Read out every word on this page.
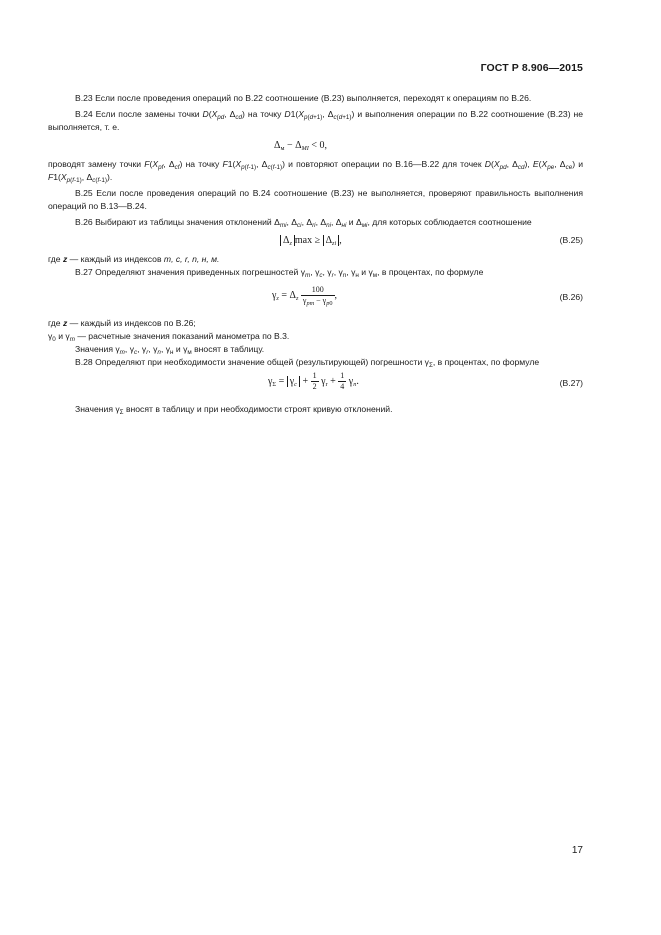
ГОСТ Р 8.906—2015

В.23 Если после проведения операций по В.22 соотношение (В.23) выполняется, переходят к операциям по В.26.

В.24 Если после замены точки $D(X_{pd}$, $\Delta_{cd}$) на точку $D1(X_{p(d+1)}$, $\Delta_{c(d+1)}$) и выполнения операции по В.22 соотношение (В.23) не выполняется, т. е.

$\Delta_м - \Delta_{MI} < 0$,

проводят замену точки $F(X_{pf}$, $\Delta_{cf}$) на точку $F1(X_{p(f-1)}$, $\Delta_{c(f-1)}$) и повторяют операции по В.16—В.22 для точек $D(X_{pd}$, $\Delta_{cd}$), $E(X_{pe}$, $\Delta_{ce}$) и $F1(X_{p(f-1)}$, $\Delta_{c(f-1)}$).

В.25 Если после проведения операций по В.24 соотношение (В.23) не выполняется, проверяют правильность выполнения операций по В.13—В.24.

В.26 Выбирают из таблицы значения отклонений $\Delta_{mi}$, $\Delta_{ci}$, $\Delta_{ri}$, $\Delta_{ni}$, $\Delta_{нi}$ и $\Delta_{мi}$, для которых соблюдается соотношение

$\Delta_z$ $\max \ge \Delta_{zi}$ ,	(В.25)

где z — каждый из индексов m, c, r, n, н, м.

В.27 Определяют значения приведенных погрешностей $\gamma_m$, $\gamma_c$, $\gamma_r$, $\gamma_n$, $\gamma_н$ и $\gamma_м$, в процентах, по формуле

$\gamma_z = \Delta_z \frac{100}{\gamma_{pm} - \gamma_{p0}}$ ,	(В.26)

где z — каждый из индексов по В.26;

$\gamma_0$ и $\gamma_m$ — расчетные значения показаний манометра по В.3.

Значения $\gamma_m$, $\gamma_c$, $\gamma_r$, $\gamma_n$, $\gamma_н$ и $\gamma_м$ вносят в таблицу.

В.28 Определяют при необходимости значение общей (результирующей) погрешности $\gamma_\Sigma$, в процентах, по формуле

$\gamma_\Sigma = \gamma_c + \frac{1}{2} \gamma_r + \frac{1}{4} \gamma_n$.	(В.27)

Значения $\gamma_\Sigma$ вносят в таблицу и при необходимости строят кривую отклонений.

17
